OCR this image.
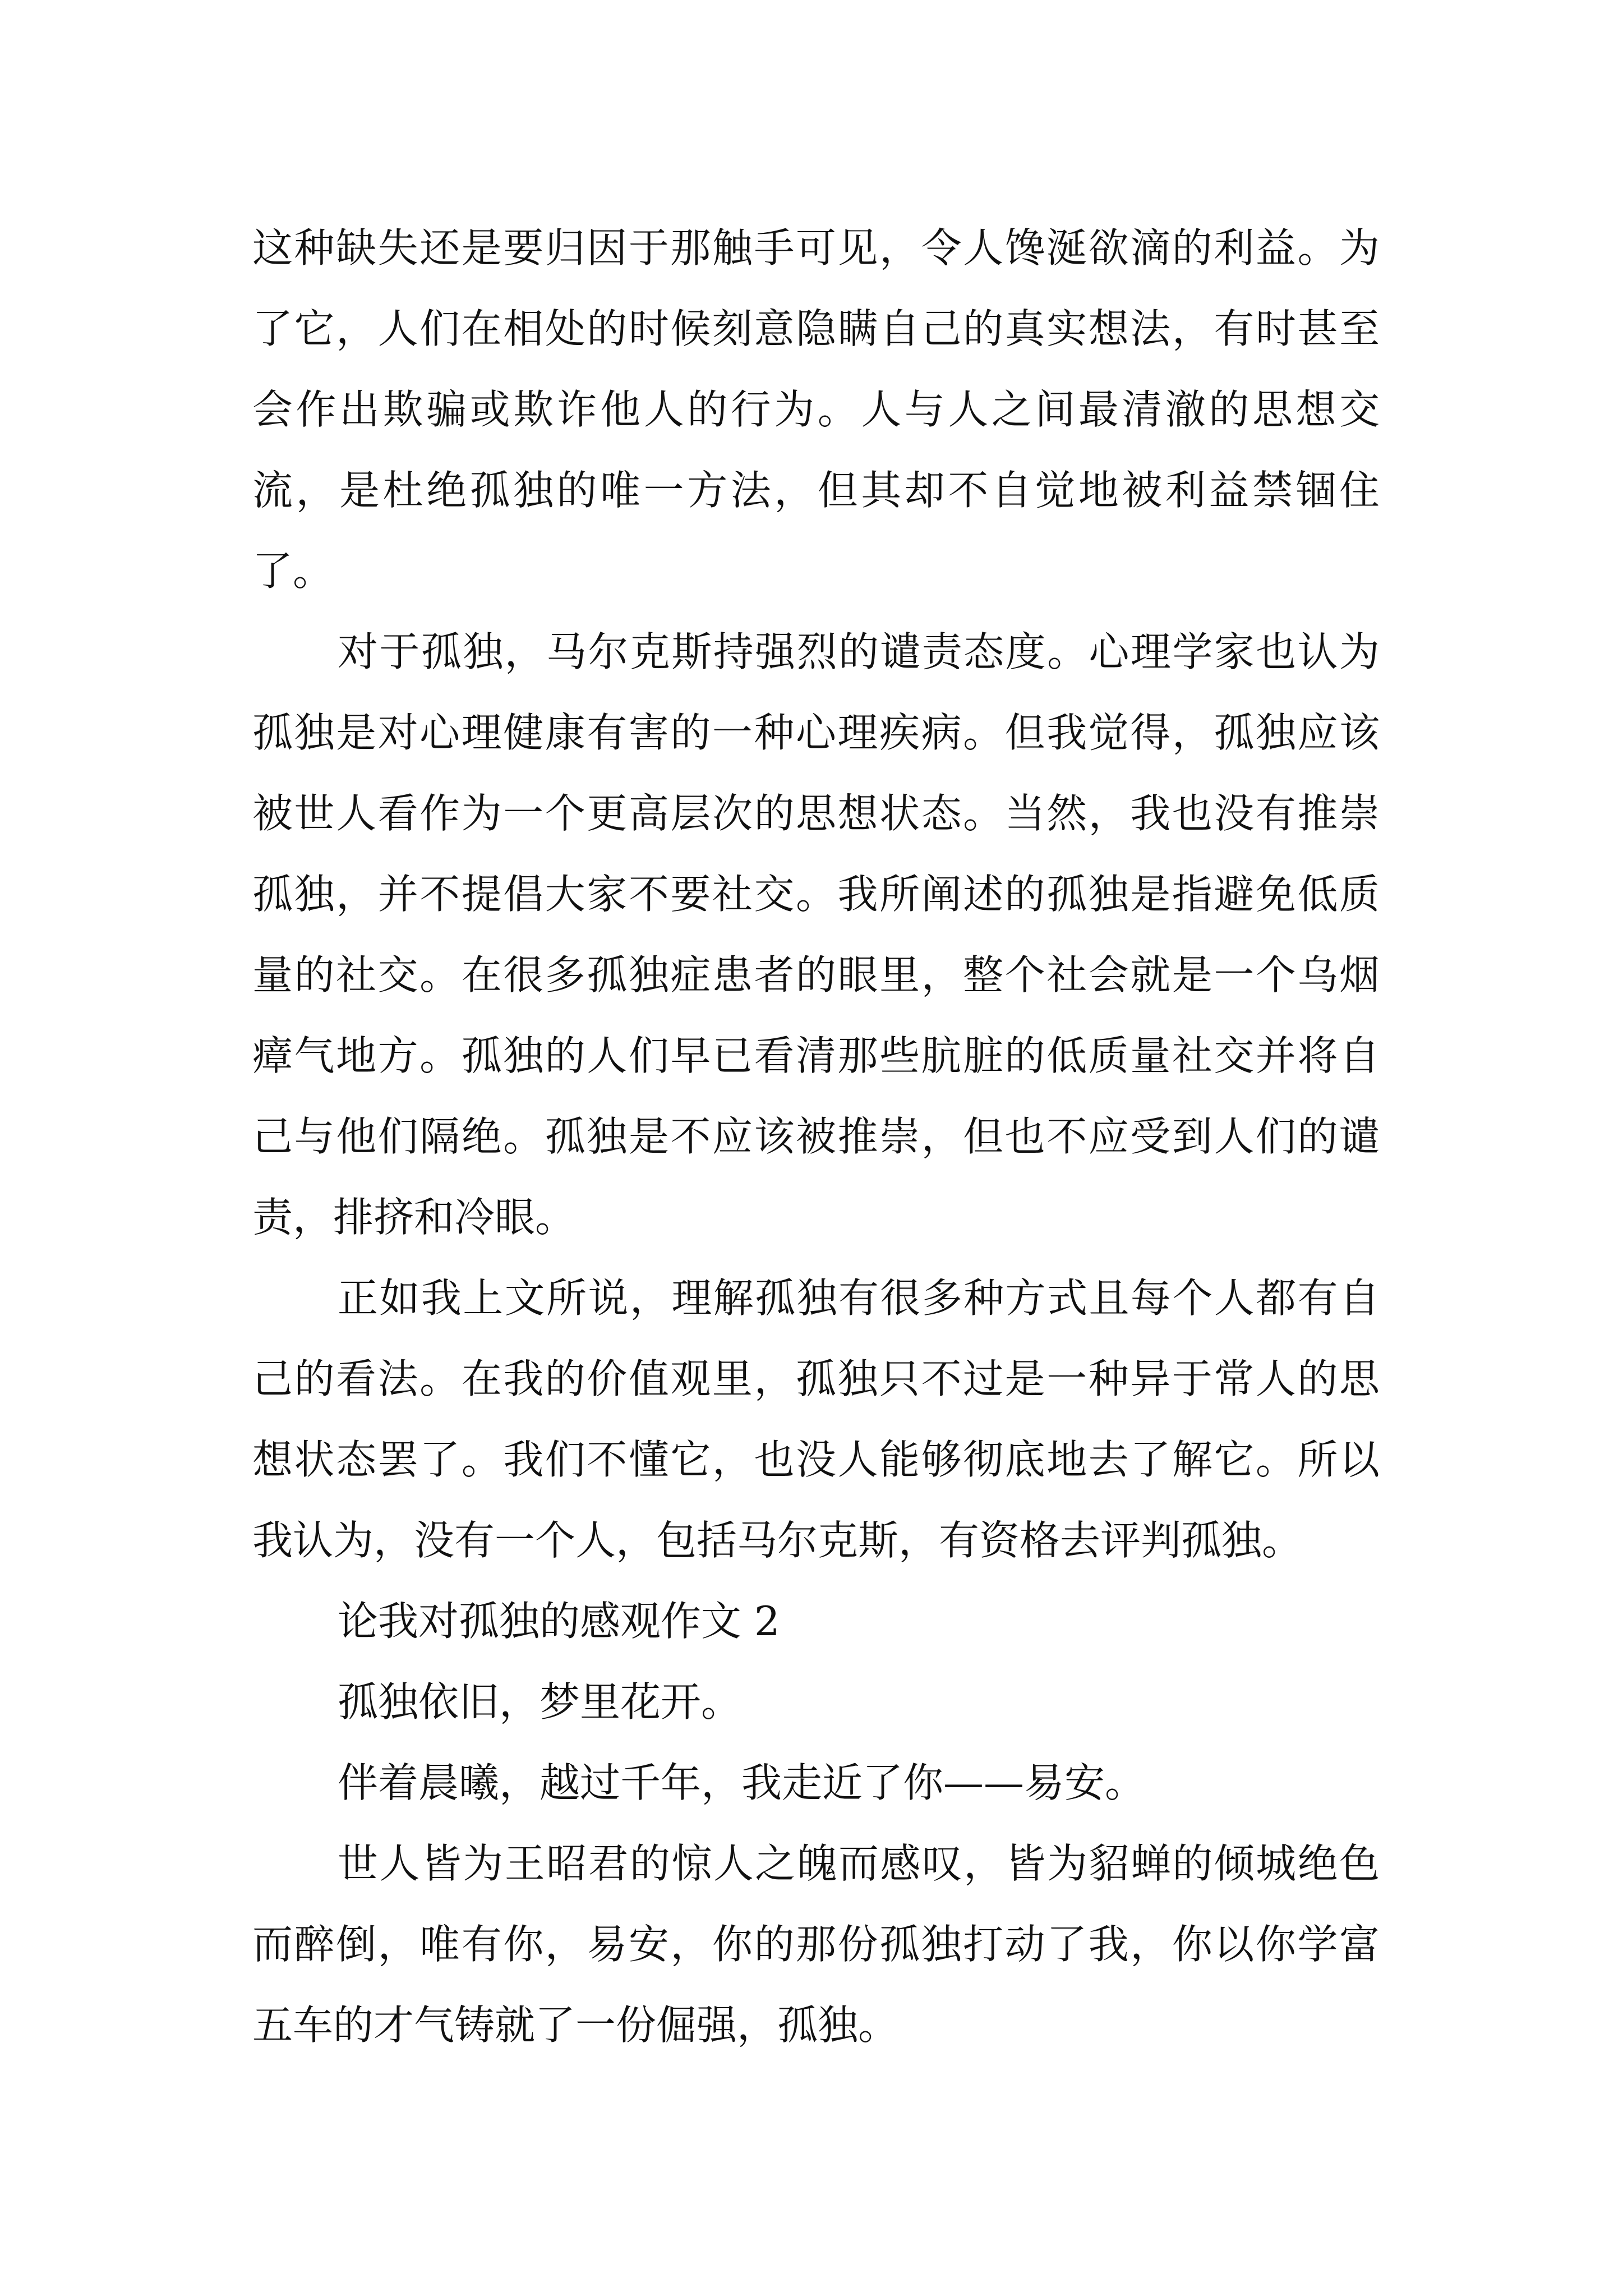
这种缺失还是要归因于那触手可见，令人馋涎欲滴的利益。为了它，人们在相处的时候刻意隐瞒自己的真实想法，有时甚至会作出欺骗或欺诈他人的行为。人与人之间最清澈的思想交流，是杜绝孤独的唯一方法，但其却不自觉地被利益禁锢住了。

对于孤独，马尔克斯持强烈的谴责态度。心理学家也认为孤独是对心理健康有害的一种心理疾病。但我觉得，孤独应该被世人看作为一个更高层次的思想状态。当然，我也没有推崇孤独，并不提倡大家不要社交。我所阐述的孤独是指避免低质量的社交。在很多孤独症患者的眼里，整个社会就是一个乌烟瘴气地方。孤独的人们早已看清那些肮脏的低质量社交并将自己与他们隔绝。孤独是不应该被推崇，但也不应受到人们的谴责，排挤和冷眼。

正如我上文所说，理解孤独有很多种方式且每个人都有自己的看法。在我的价值观里，孤独只不过是一种异于常人的思想状态罢了。我们不懂它，也没人能够彻底地去了解它。所以我认为，没有一个人，包括马尔克斯，有资格去评判孤独。

论我对孤独的感观作文 2

孤独依旧，梦里花开。

伴着晨曦，越过千年，我走近了你——易安。

世人皆为王昭君的惊人之魄而感叹，皆为貂蝉的倾城绝色而醉倒，唯有你，易安，你的那份孤独打动了我，你以你学富五车的才气铸就了一份倔强，孤独。
